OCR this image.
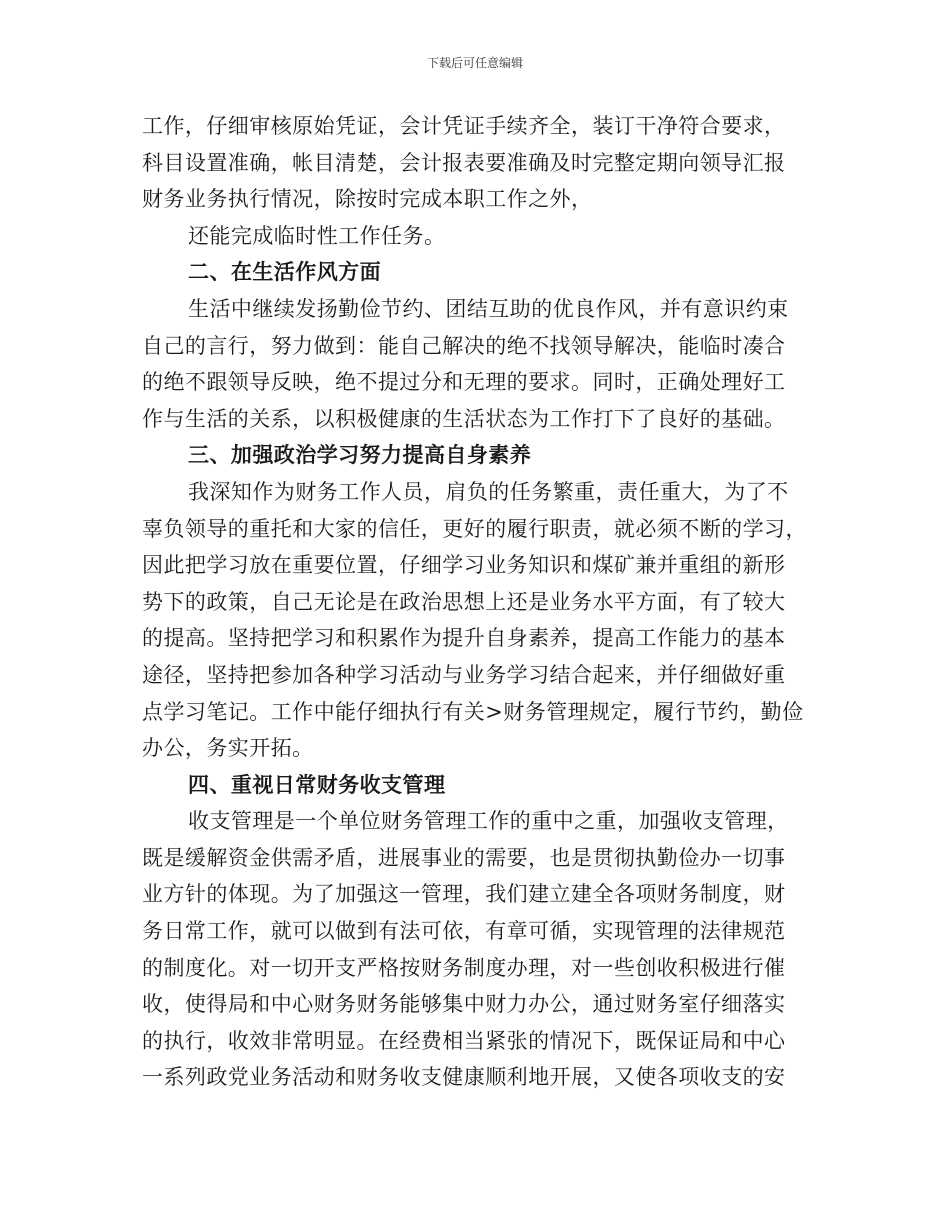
下载后可任意编辑
工作，仔细审核原始凭证，会计凭证手续齐全，装订干净符合要求，
科目设置准确，帐目清楚，会计报表要准确及时完整定期向领导汇报
财务业务执行情况，除按时完成本职工作之外，
还能完成临时性工作任务。
二、在生活作风方面
生活中继续发扬勤俭节约、团结互助的优良作风，并有意识约束
自己的言行，努力做到：能自己解决的绝不找领导解决，能临时凑合
的绝不跟领导反映，绝不提过分和无理的要求。同时，正确处理好工
作与生活的关系，以积极健康的生活状态为工作打下了良好的基础。
三、加强政治学习努力提高自身素养
我深知作为财务工作人员，肩负的任务繁重，责任重大，为了不
辜负领导的重托和大家的信任，更好的履行职责，就必须不断的学习，
因此把学习放在重要位置，仔细学习业务知识和煤矿兼并重组的新形
势下的政策，自己无论是在政治思想上还是业务水平方面，有了较大
的提高。坚持把学习和积累作为提升自身素养，提高工作能力的基本
途径，坚持把参加各种学习活动与业务学习结合起来，并仔细做好重
点学习笔记。工作中能仔细执行有关>财务管理规定，履行节约，勤俭
办公，务实开拓。
四、重视日常财务收支管理
收支管理是一个单位财务管理工作的重中之重，加强收支管理，
既是缓解资金供需矛盾，进展事业的需要，也是贯彻执勤俭办一切事
业方针的体现。为了加强这一管理，我们建立建全各项财务制度，财
务日常工作，就可以做到有法可依，有章可循，实现管理的法律规范
的制度化。对一切开支严格按财务制度办理，对一些创收积极进行催
收，使得局和中心财务财务能够集中财力办公，通过财务室仔细落实
的执行，收效非常明显。在经费相当紧张的情况下，既保证局和中心
一系列政党业务活动和财务收支健康顺利地开展，又使各项收支的安
